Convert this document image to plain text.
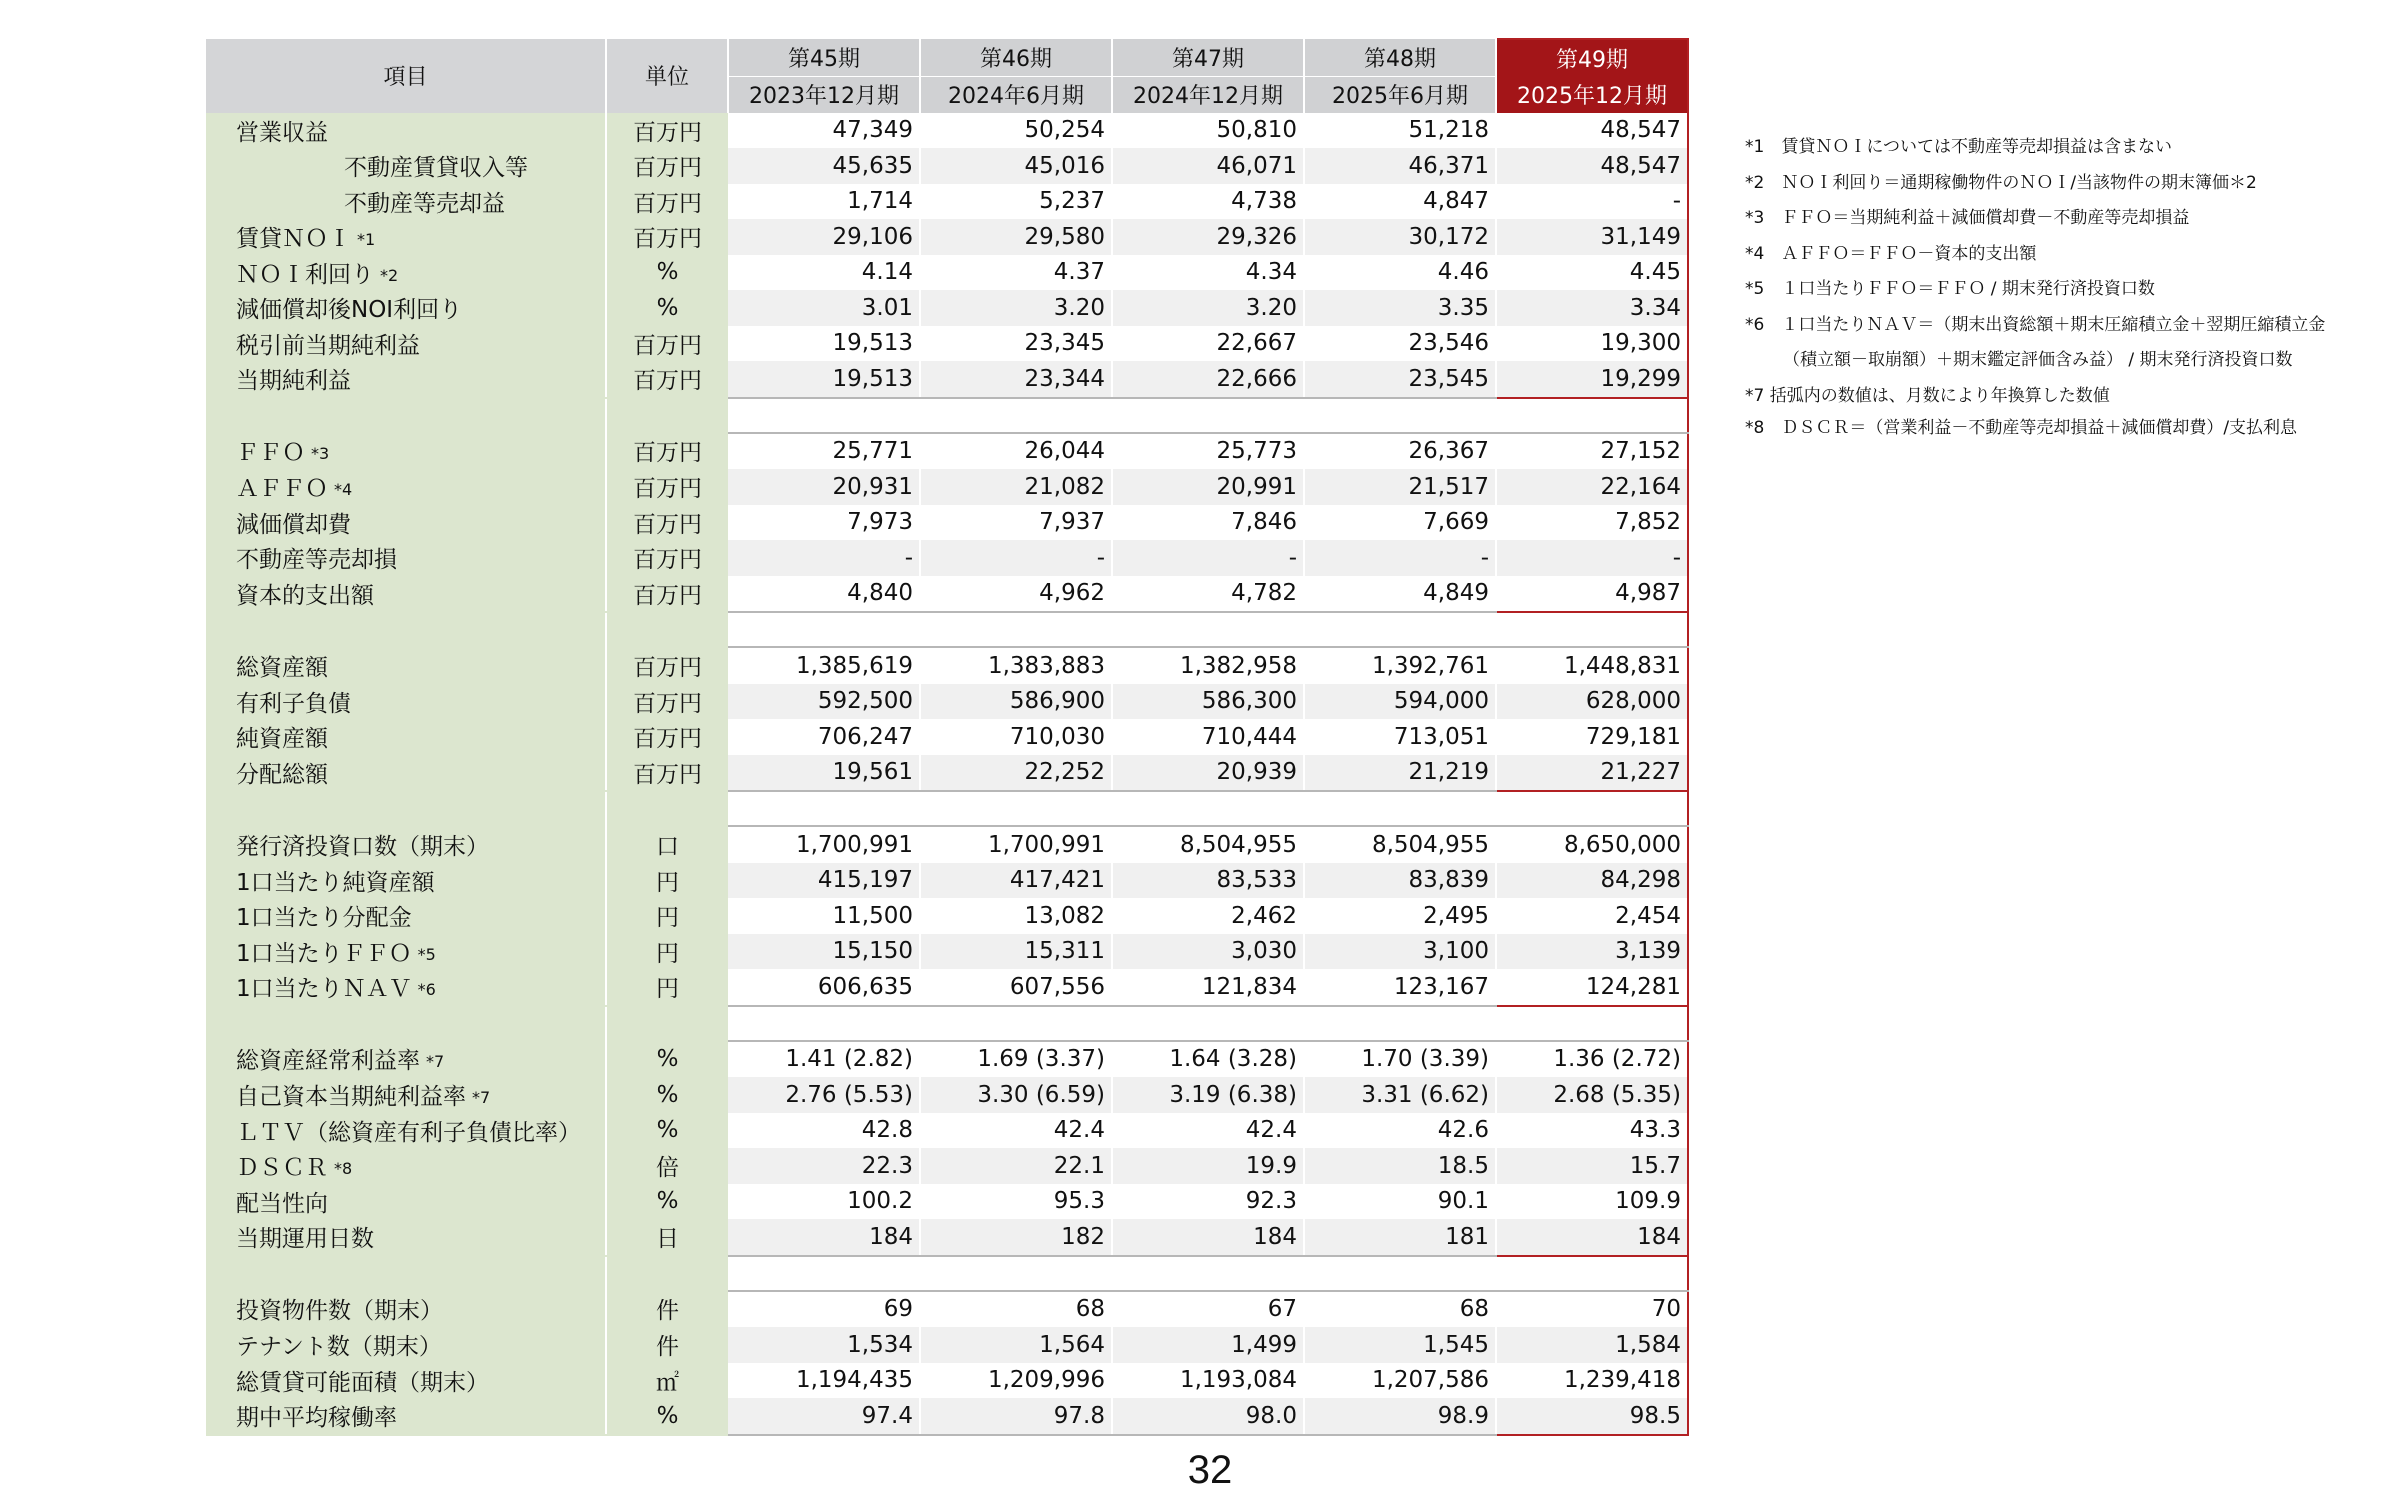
項目	単位	第45期	第46期	第47期	第48期	第49期
		2023年12月期	2024年6月期	2024年12月期	2025年6月期	2025年12月期
営業収益	百万円	47,349	50,254	50,810	51,218	48,547
不動産賃貸収入等	百万円	45,635	45,016	46,071	46,371	48,547
不動産等売却益	百万円	1,714	5,237	4,738	4,847	-
賃貸ＮＯＩ *1	百万円	29,106	29,580	29,326	30,172	31,149
ＮＯＩ利回り *2	%	4.14	4.37	4.34	4.46	4.45
減価償却後NOI利回り	%	3.01	3.20	3.20	3.35	3.34
税引前当期純利益	百万円	19,513	23,345	22,667	23,546	19,300
当期純利益	百万円	19,513	23,344	22,666	23,545	19,299

ＦＦＯ *3	百万円	25,771	26,044	25,773	26,367	27,152
ＡＦＦＯ *4	百万円	20,931	21,082	20,991	21,517	22,164
減価償却費	百万円	7,973	7,937	7,846	7,669	7,852
不動産等売却損	百万円	-	-	-	-	-
資本的支出額	百万円	4,840	4,962	4,782	4,849	4,987

総資産額	百万円	1,385,619	1,383,883	1,382,958	1,392,761	1,448,831
有利子負債	百万円	592,500	586,900	586,300	594,000	628,000
純資産額	百万円	706,247	710,030	710,444	713,051	729,181
分配総額	百万円	19,561	22,252	20,939	21,219	21,227

発行済投資口数（期末）	口	1,700,991	1,700,991	8,504,955	8,504,955	8,650,000
1口当たり純資産額	円	415,197	417,421	83,533	83,839	84,298
1口当たり分配金	円	11,500	13,082	2,462	2,495	2,454
1口当たりＦＦＯ *5	円	15,150	15,311	3,030	3,100	3,139
1口当たりＮＡＶ *6	円	606,635	607,556	121,834	123,167	124,281

総資産経常利益率 *7	%	1.41 (2.82)	1.69 (3.37)	1.64 (3.28)	1.70 (3.39)	1.36 (2.72)
自己資本当期純利益率 *7	%	2.76 (5.53)	3.30 (6.59)	3.19 (6.38)	3.31 (6.62)	2.68 (5.35)
ＬＴＶ（総資産有利子負債比率）	%	42.8	42.4	42.4	42.6	43.3
ＤＳＣＲ *8	倍	22.3	22.1	19.9	18.5	15.7
配当性向	%	100.2	95.3	92.3	90.1	109.9
当期運用日数	日	184	182	184	181	184

投資物件数（期末）	件	69	68	67	68	70
テナント数（期末）	件	1,534	1,564	1,499	1,545	1,584
総賃貸可能面積（期末）	㎡	1,194,435	1,209,996	1,193,084	1,207,586	1,239,418
期中平均稼働率	%	97.4	97.8	98.0	98.9	98.5
*1　賃貸ＮＯＩについては不動産等売却損益は含まない
*2　ＮＯＩ利回り＝通期稼働物件のＮＯＩ/当該物件の期末簿価＊2
*3　ＦＦＯ＝当期純利益＋減価償却費－不動産等売却損益
*4　ＡＦＦＯ＝ＦＦＯ－資本的支出額
*5　１口当たりＦＦＯ＝ＦＦＯ / 期末発行済投資口数
*6　１口当たりＮＡＶ＝（期末出資総額＋期末圧縮積立金＋翌期圧縮積立金
（積立額－取崩額）＋期末鑑定評価含み益） / 期末発行済投資口数
*7 括弧内の数値は、月数により年換算した数値
*8　ＤＳＣＲ＝（営業利益－不動産等売却損益＋減価償却費）/支払利息
32
